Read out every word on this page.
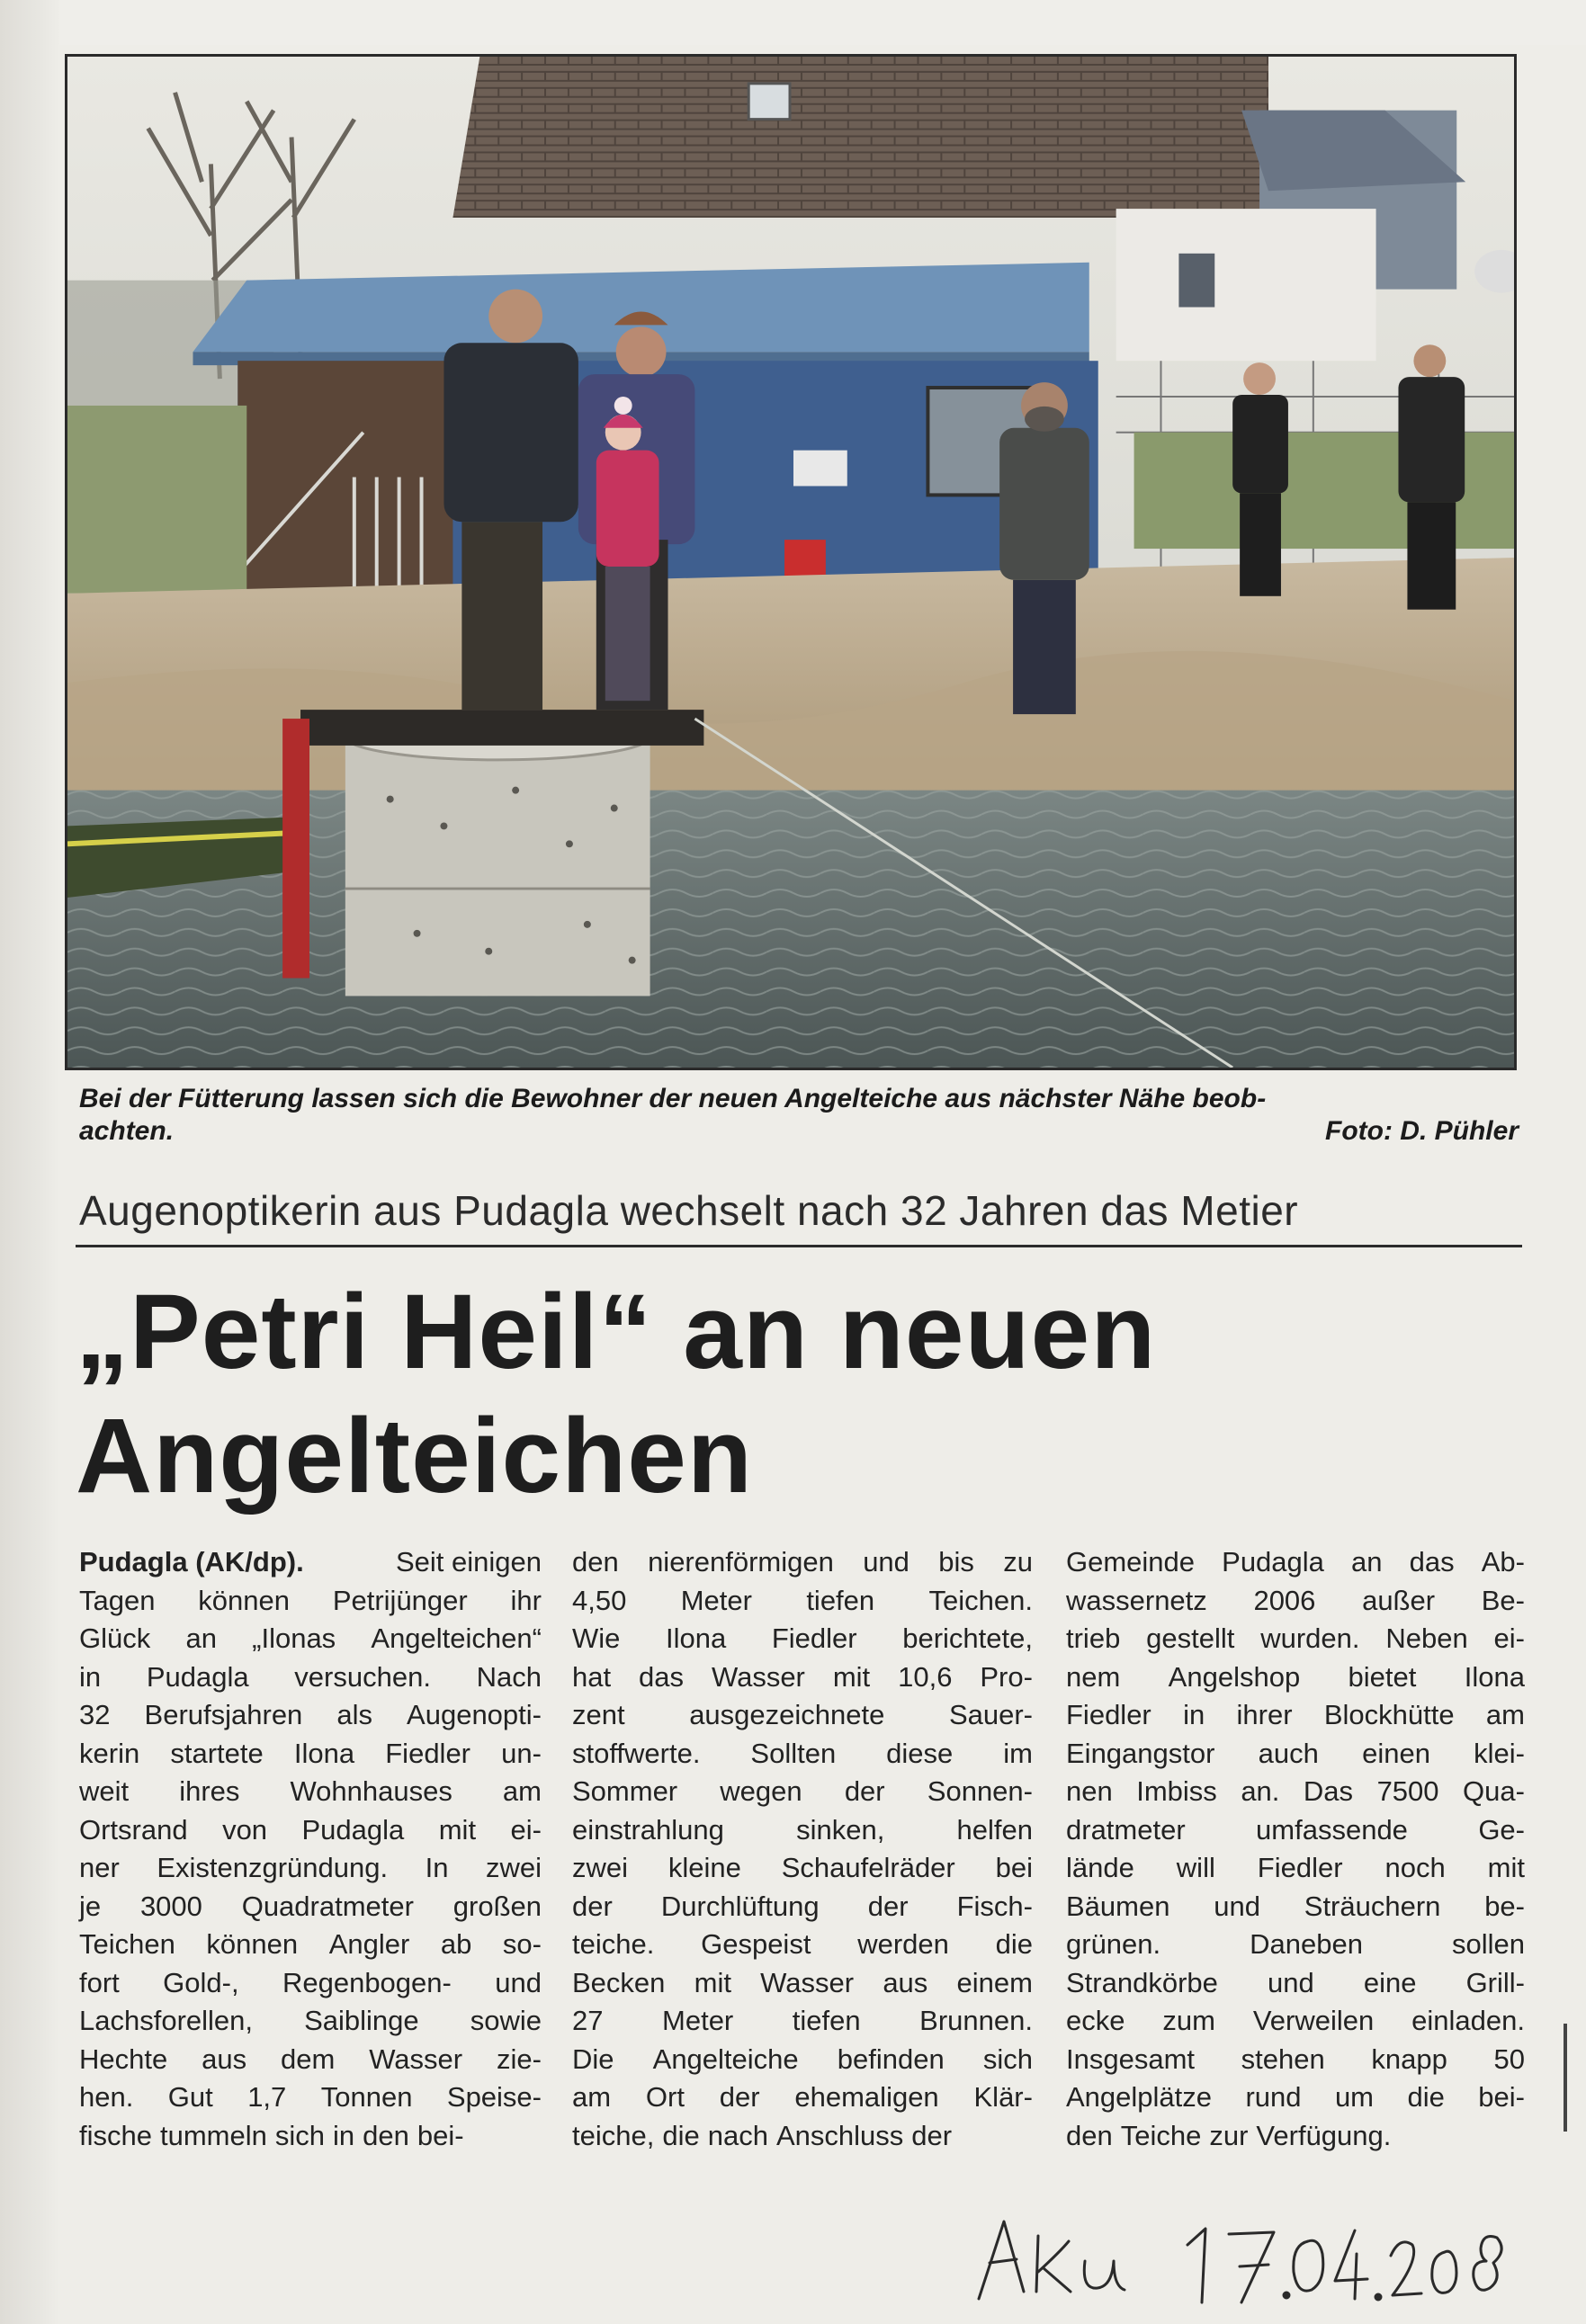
Bei der Fütterung lassen sich die Bewohner der neuen Angelteiche aus nächster Nähe beob-
achten.	Foto: D. Pühler
Augenoptikerin aus Pudagla wechselt nach 32 Jahren das Metier
„Petri Heil“ an neuen
Angelteichen
Pudagla (AK/dp).	Seit einigen
Tagen können Petrijünger ihr
Glück an „Ilonas Angelteichen“
in Pudagla versuchen. Nach
32 Berufsjahren als Augenopti-
kerin startete Ilona Fiedler un-
weit ihres Wohnhauses am
Ortsrand von Pudagla mit ei-
ner Existenzgründung. In zwei
je 3000 Quadratmeter großen
Teichen können Angler ab so-
fort Gold-, Regenbogen- und
Lachsforellen, Saiblinge sowie
Hechte aus dem Wasser zie-
hen. Gut 1,7 Tonnen Speise-
fische tummeln sich in den bei-
den nierenförmigen und bis zu
4,50 Meter tiefen Teichen.
Wie Ilona Fiedler berichtete,
hat das Wasser mit 10,6 Pro-
zent ausgezeichnete Sauer-
stoffwerte. Sollten diese im
Sommer wegen der Sonnen-
einstrahlung	sinken,	helfen
zwei kleine Schaufelräder bei
der Durchlüftung der Fisch-
teiche. Gespeist werden die
Becken mit Wasser aus einem
27 Meter tiefen Brunnen.
Die Angelteiche befinden sich
am Ort der ehemaligen Klär-
teiche, die nach Anschluss der
Gemeinde Pudagla an das Ab-
wassernetz 2006 außer Be-
trieb gestellt wurden. Neben ei-
nem Angelshop bietet Ilona
Fiedler in ihrer Blockhütte am
Eingangstor auch einen klei-
nen Imbiss an. Das 7500 Qua-
dratmeter	umfassende	Ge-
lände will Fiedler noch mit
Bäumen und Sträuchern be-
grünen.	Daneben	sollen
Strandkörbe und eine Grill-
ecke zum Verweilen einladen.
Insgesamt stehen knapp 50
Angelplätze rund um die bei-
den Teiche zur Verfügung.
